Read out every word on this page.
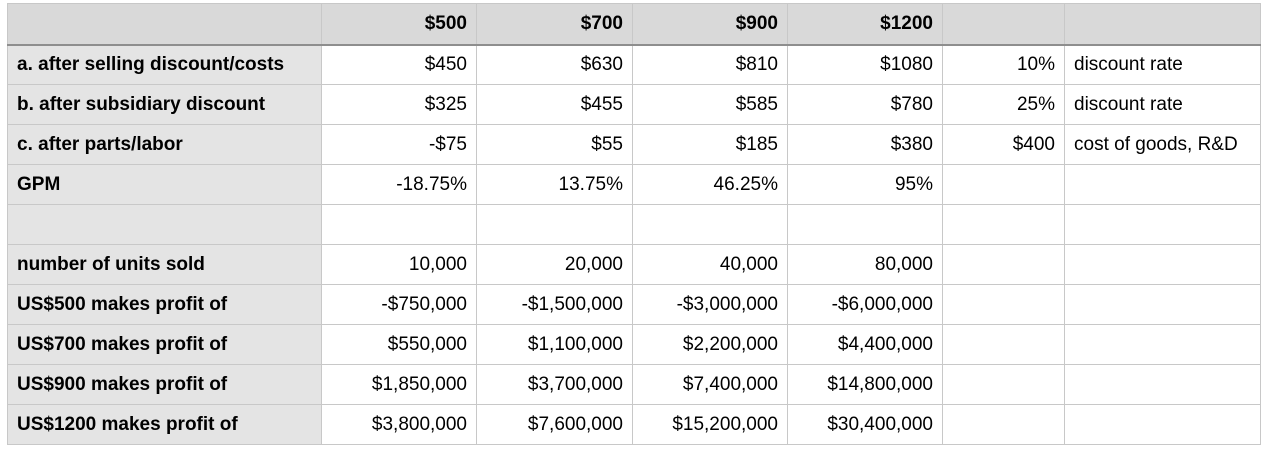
	$500	$700	$900	$1200		
a. after selling discount/costs	$450	$630	$810	$1080	10%	discount rate
b. after subsidiary discount	$325	$455	$585	$780	25%	discount rate
c. after parts/labor	-$75	$55	$185	$380	$400	cost of goods, R&D
GPM	-18.75%	13.75%	46.25%	95%		

number of units sold	10,000	20,000	40,000	80,000		
US$500 makes profit of	-$750,000	-$1,500,000	-$3,000,000	-$6,000,000		
US$700 makes profit of	$550,000	$1,100,000	$2,200,000	$4,400,000		
US$900 makes profit of	$1,850,000	$3,700,000	$7,400,000	$14,800,000		
US$1200 makes profit of	$3,800,000	$7,600,000	$15,200,000	$30,400,000		
